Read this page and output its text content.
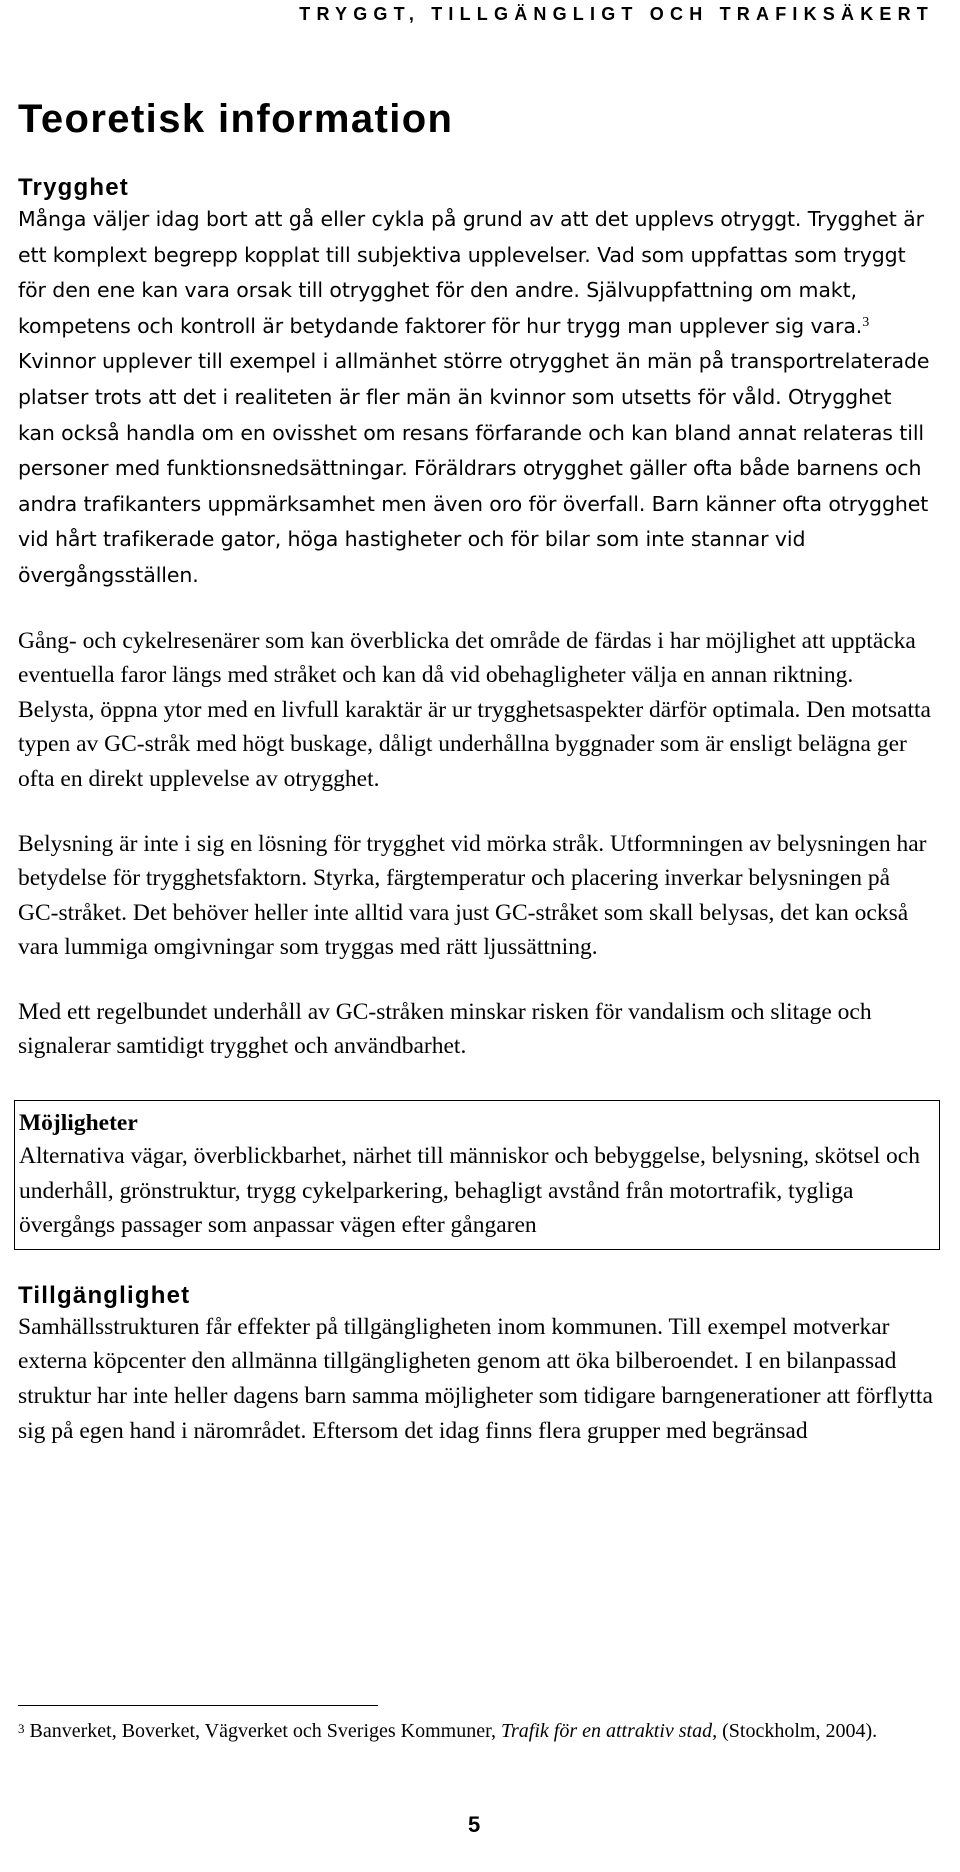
TRYGGT, TILLGÄNGLIGT OCH TRAFIKSÄKERT
Teoretisk information
Trygghet

Många väljer idag bort att gå eller cykla på grund av att det upplevs otryggt. Trygghet är ett komplext begrepp kopplat till subjektiva upplevelser. Vad som uppfattas som tryggt för den ene kan vara orsak till otrygghet för den andre. Självuppfattning om makt, kompetens och kontroll är betydande faktorer för hur trygg man upplever sig vara.$^3$ Kvinnor upplever till exempel i allmänhet större otrygghet än män på transportrelaterade platser trots att det i realiteten är fler män än kvinnor som utsetts för våld. Otrygghet kan också handla om en ovisshet om resans förfarande och kan bland annat relateras till personer med funktionsnedsättningar. Föräldrars otrygghet gäller ofta både barnens och andra trafikanters uppmärksamhet men även oro för överfall. Barn känner ofta otrygghet vid hårt trafikerade gator, höga hastigheter och för bilar som inte stannar vid övergångsställen.

Gång- och cykelresenärer som kan överblicka det område de färdas i har möjlighet att upptäcka eventuella faror längs med stråket och kan då vid obehagligheter välja en annan riktning. Belysta, öppna ytor med en livfull karaktär är ur trygghetsaspekter därför optimala. Den motsatta typen av GC-stråk med högt buskage, dåligt underhållna byggnader som är ensligt belägna ger ofta en direkt upplevelse av otrygghet.

Belysning är inte i sig en lösning för trygghet vid mörka stråk. Utformningen av belysningen har betydelse för trygghetsfaktorn. Styrka, färgtemperatur och placering inverkar belysningen på GC-stråket. Det behöver heller inte alltid vara just GC-stråket som skall belysas, det kan också vara lummiga omgivningar som tryggas med rätt ljussättning.

Med ett regelbundet underhåll av GC-stråken minskar risken för vandalism och slitage och signalerar samtidigt trygghet och användbarhet.

Möjligheter

Alternativa vägar, överblickbarhet, närhet till människor och bebyggelse, belysning, skötsel och underhåll, grönstruktur, trygg cykelparkering, behagligt avstånd från motortrafik, tygliga övergångs passager som anpassar vägen efter gångaren

Tillgänglighet

Samhällsstrukturen får effekter på tillgängligheten inom kommunen. Till exempel motverkar externa köpcenter den allmänna tillgängligheten genom att öka bilberoendet. I en bilanpassad struktur har inte heller dagens barn samma möjligheter som tidigare barngenerationer att förflytta sig på egen hand i närområdet. Eftersom det idag finns flera grupper med begränsad

$^3$ Banverket, Boverket, Vägverket och Sveriges Kommuner, Trafik för en attraktiv stad, (Stockholm, 2004).
5
